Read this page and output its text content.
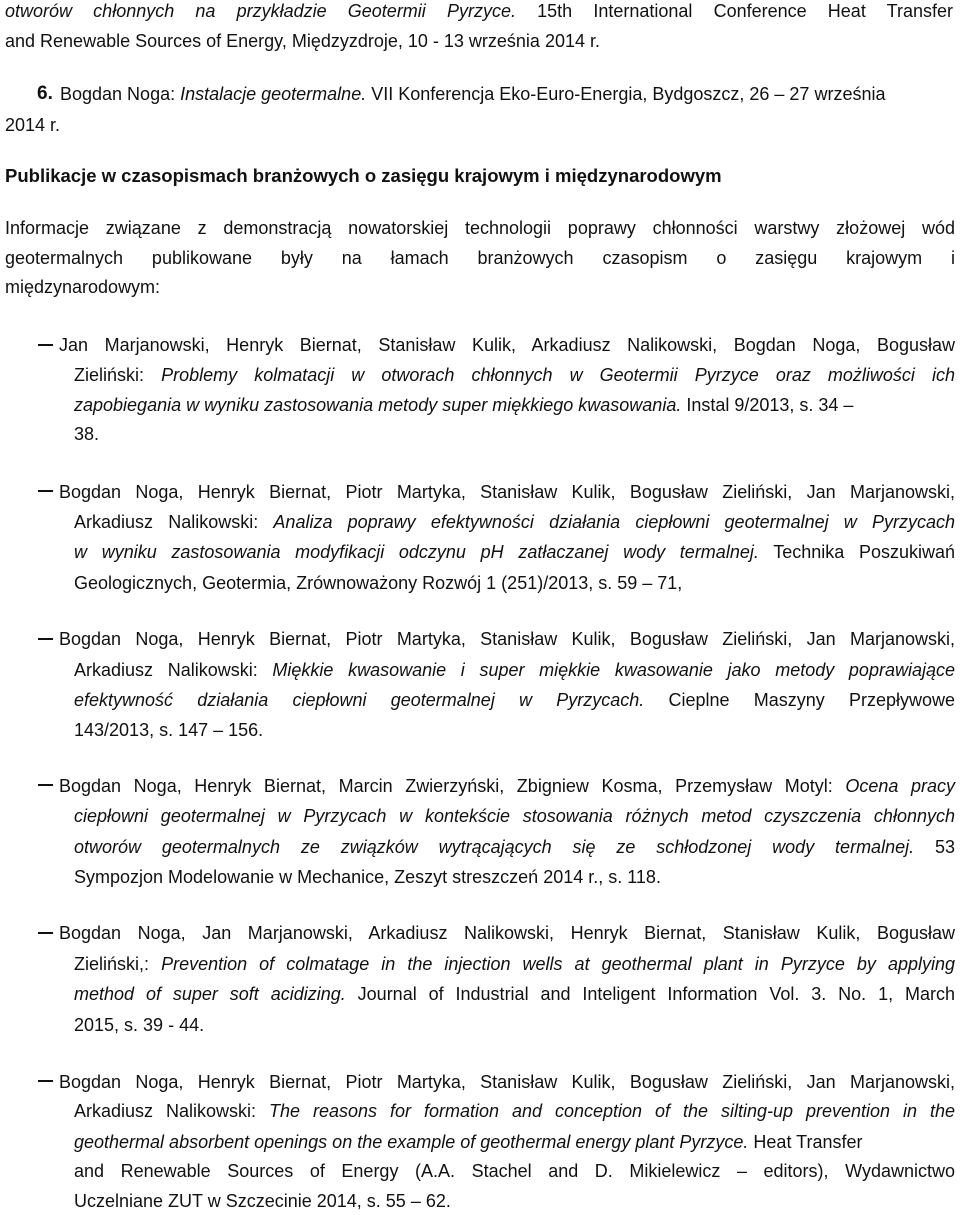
otworów chłonnych na przykładzie Geotermii Pyrzyce. 15th International Conference Heat Transfer
and Renewable Sources of Energy, Międzyzdroje, 10 - 13 września 2014 r.
6. Bogdan Noga: Instalacje geotermalne. VII Konferencja Eko-Euro-Energia, Bydgoszcz, 26 – 27 września
2014 r.
Publikacje w czasopismach branżowych o zasięgu krajowym i międzynarodowym
Informacje związane z demonstracją nowatorskiej technologii poprawy chłonności warstwy złożowej wód
geotermalnych publikowane były na łamach branżowych czasopism o zasięgu krajowym i
międzynarodowym:
Jan Marjanowski, Henryk Biernat, Stanisław Kulik, Arkadiusz Nalikowski, Bogdan Noga, Bogusław
Zieliński: Problemy kolmatacji w otworach chłonnych w Geotermii Pyrzyce oraz możliwości ich
zapobiegania w wyniku zastosowania metody super miękkiego kwasowania. Instal 9/2013, s. 34 –
38.
Bogdan Noga, Henryk Biernat, Piotr Martyka, Stanisław Kulik, Bogusław Zieliński, Jan Marjanowski,
Arkadiusz Nalikowski: Analiza poprawy efektywności działania ciepłowni geotermalnej w Pyrzycach
w wyniku zastosowania modyfikacji odczynu pH zatłaczanej wody termalnej. Technika Poszukiwań
Geologicznych, Geotermia, Zrównoważony Rozwój 1 (251)/2013, s. 59 – 71,
Bogdan Noga, Henryk Biernat, Piotr Martyka, Stanisław Kulik, Bogusław Zieliński, Jan Marjanowski,
Arkadiusz Nalikowski: Miękkie kwasowanie i super miękkie kwasowanie jako metody poprawiające
efektywność działania ciepłowni geotermalnej w Pyrzycach. Cieplne Maszyny Przepływowe
143/2013, s. 147 – 156.
Bogdan Noga, Henryk Biernat, Marcin Zwierzyński, Zbigniew Kosma, Przemysław Motyl: Ocena pracy
ciepłowni geotermalnej w Pyrzycach w kontekście stosowania różnych metod czyszczenia chłonnych
otworów geotermalnych ze związków wytrącających się ze schłodzonej wody termalnej. 53
Sympozjon Modelowanie w Mechanice, Zeszyt streszczeń 2014 r., s. 118.
Bogdan Noga, Jan Marjanowski, Arkadiusz Nalikowski, Henryk Biernat, Stanisław Kulik, Bogusław
Zieliński,: Prevention of colmatage in the injection wells at geothermal plant in Pyrzyce by applying
method of super soft acidizing. Journal of Industrial and Inteligent Information Vol. 3. No. 1, March
2015, s. 39 - 44.
Bogdan Noga, Henryk Biernat, Piotr Martyka, Stanisław Kulik, Bogusław Zieliński, Jan Marjanowski,
Arkadiusz Nalikowski: The reasons for formation and conception of the silting-up prevention in the
geothermal absorbent openings on the example of geothermal energy plant Pyrzyce. Heat Transfer
and Renewable Sources of Energy (A.A. Stachel and D. Mikielewicz – editors), Wydawnictwo
Uczelniane ZUT w Szczecinie 2014, s. 55 – 62.
